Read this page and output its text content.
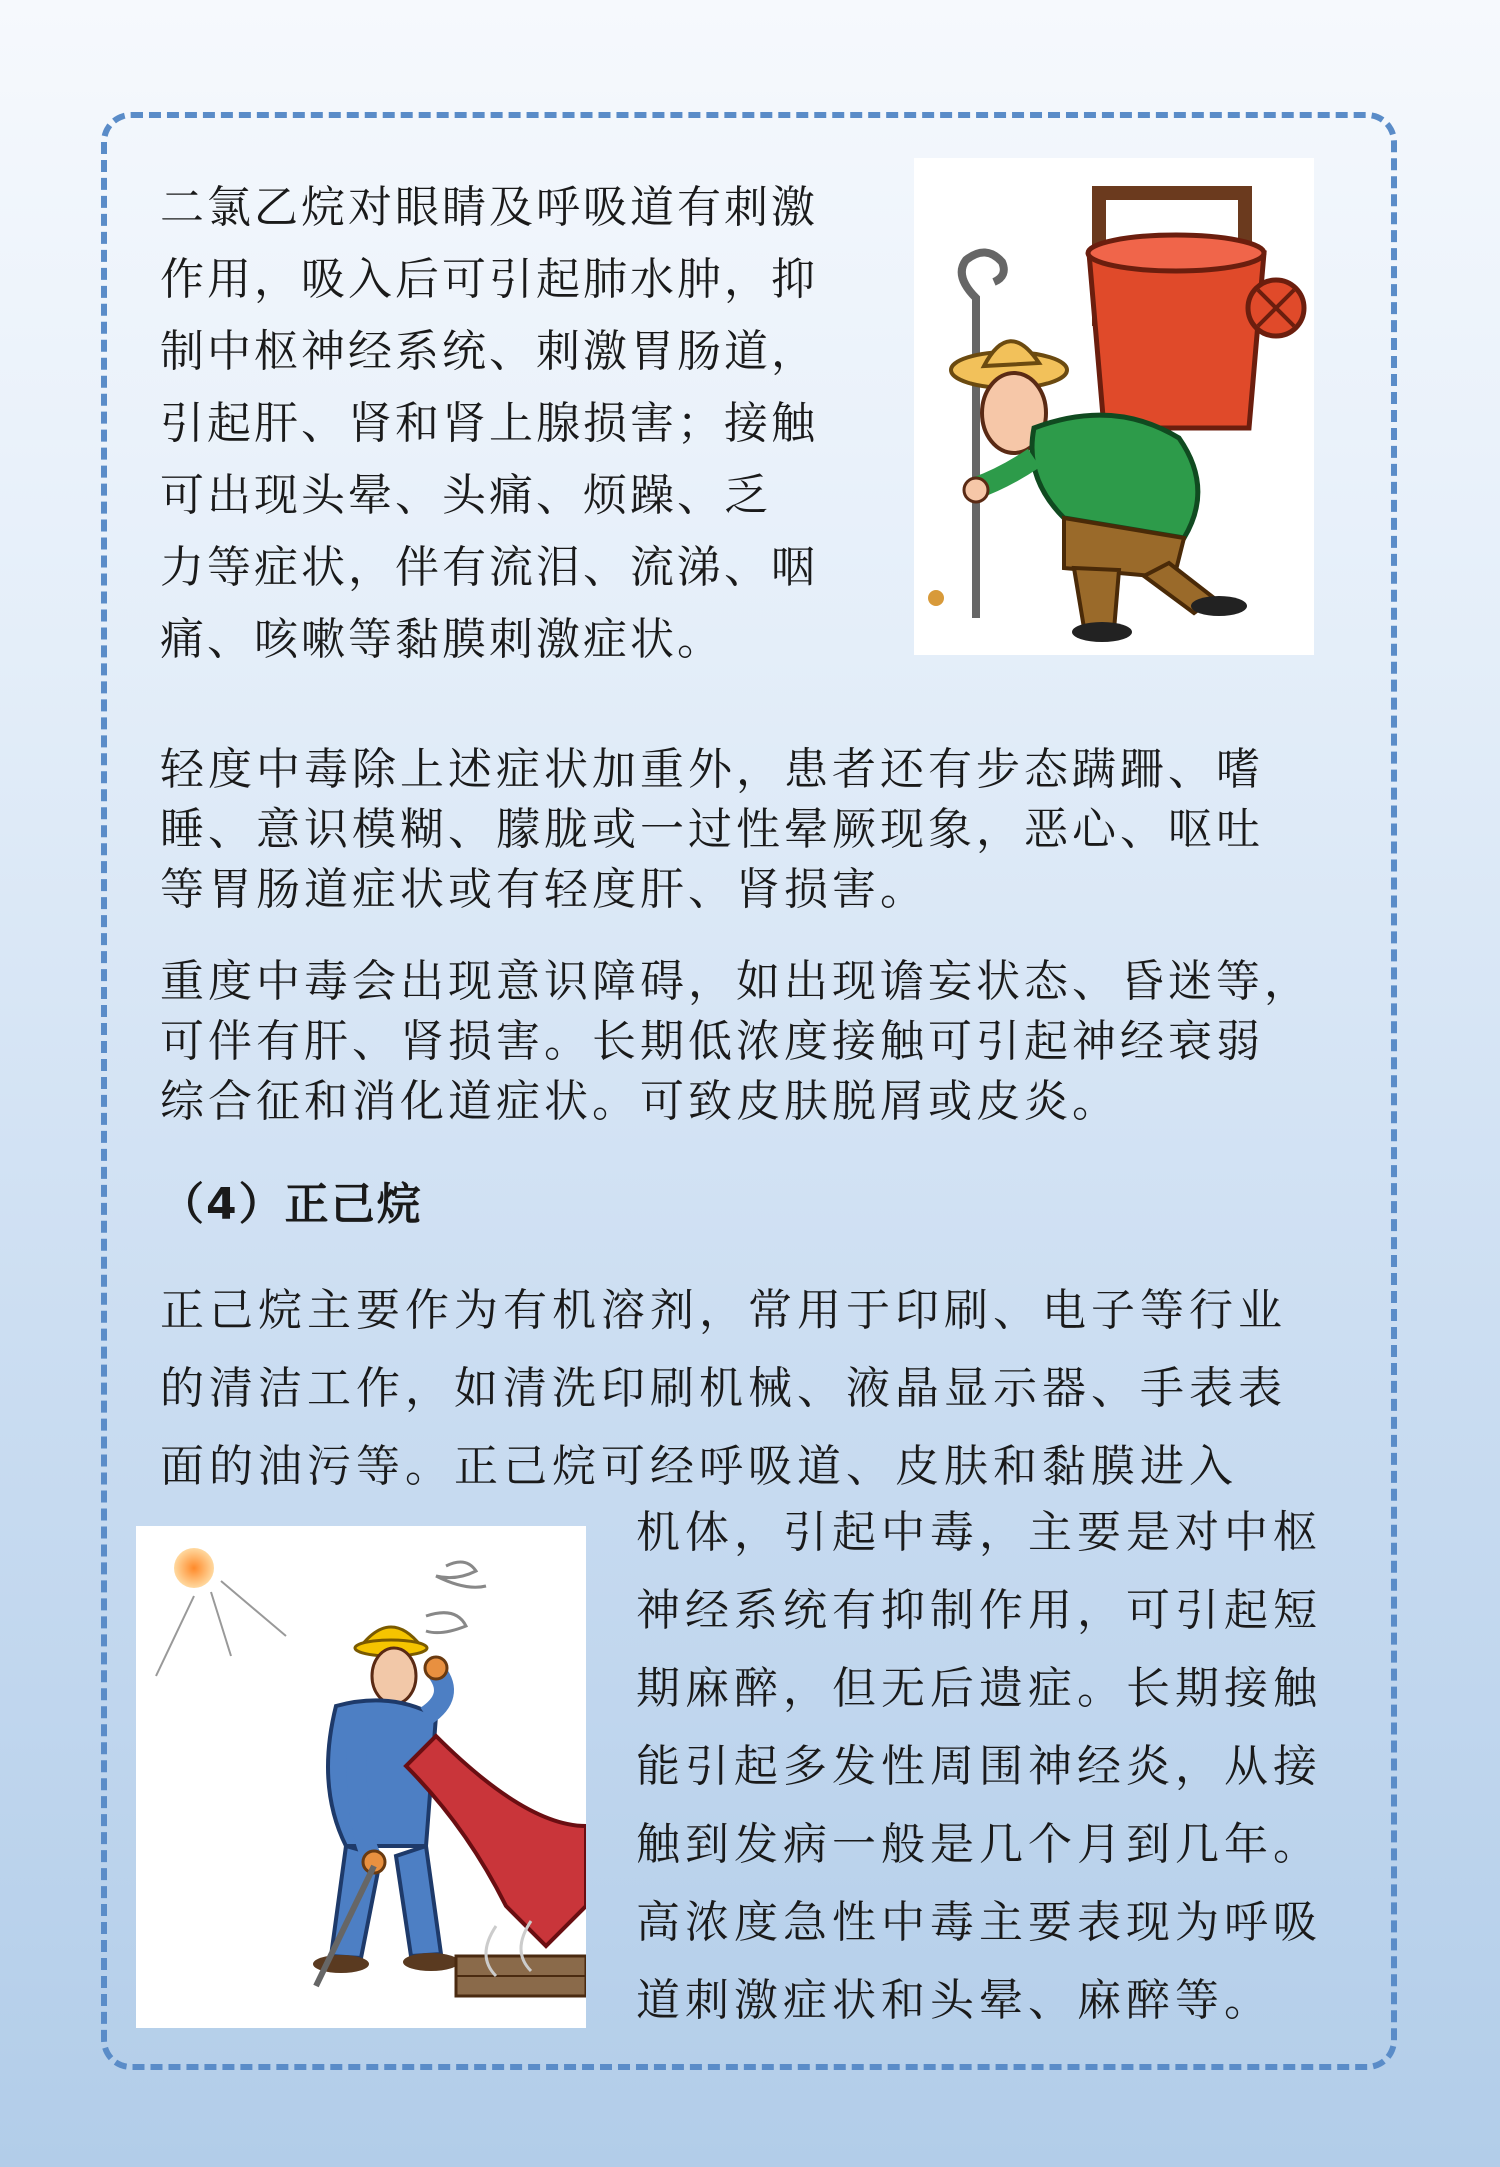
二氯乙烷对眼睛及呼吸道有刺激
作用，吸入后可引起肺水肿，抑
制中枢神经系统、刺激胃肠道，
引起肝、肾和肾上腺损害；接触
可出现头晕、头痛、烦躁、乏
力等症状，伴有流泪、流涕、咽
痛、咳嗽等黏膜刺激症状。
轻度中毒除上述症状加重外，患者还有步态蹒跚、嗜
睡、意识模糊、朦胧或一过性晕厥现象，恶心、呕吐
等胃肠道症状或有轻度肝、肾损害。
重度中毒会出现意识障碍，如出现谵妄状态、昏迷等，
可伴有肝、肾损害。长期低浓度接触可引起神经衰弱
综合征和消化道症状。可致皮肤脱屑或皮炎。
（4）正己烷
正己烷主要作为有机溶剂，常用于印刷、电子等行业
的清洁工作，如清洗印刷机械、液晶显示器、手表表
面的油污等。正己烷可经呼吸道、皮肤和黏膜进入
机体，引起中毒，主要是对中枢
神经系统有抑制作用，可引起短
期麻醉，但无后遗症。长期接触
能引起多发性周围神经炎，从接
触到发病一般是几个月到几年。
高浓度急性中毒主要表现为呼吸
道刺激症状和头晕、麻醉等。
